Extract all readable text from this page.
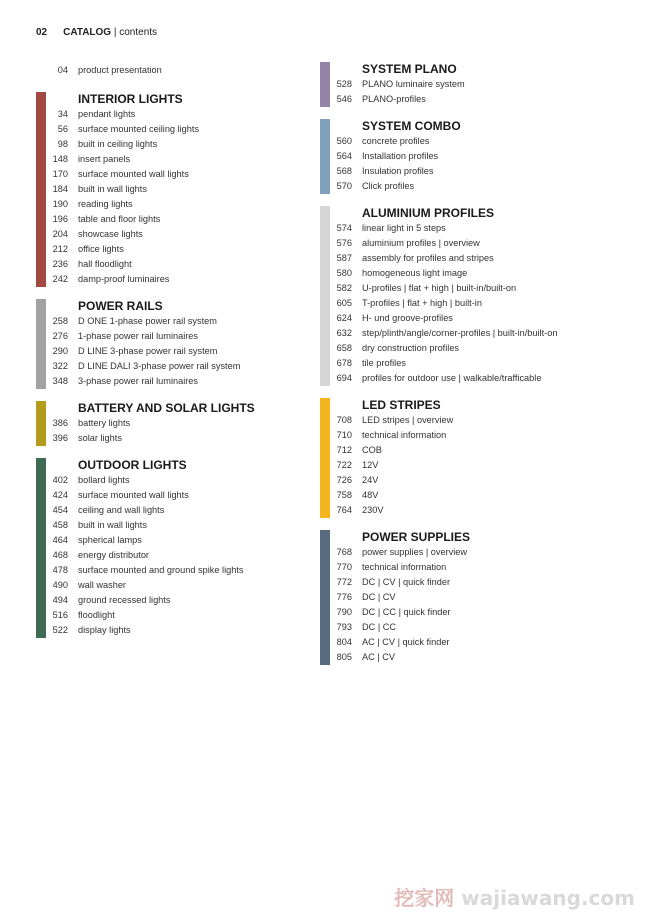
02 CATALOG | contents
04 product presentation
INTERIOR LIGHTS
34 pendant lights
56 surface mounted ceiling lights
98 built in ceiling lights
148 insert panels
170 surface mounted wall lights
184 built in wall lights
190 reading lights
196 table and floor lights
204 showcase lights
212 office lights
236 hall floodlight
242 damp-proof luminaires
POWER RAILS
258 D ONE 1-phase power rail system
276 1-phase power rail luminaires
290 D LINE 3-phase power rail system
322 D LINE DALI 3-phase power rail system
348 3-phase power rail luminaires
BATTERY AND SOLAR LIGHTS
386 battery lights
396 solar lights
OUTDOOR LIGHTS
402 bollard lights
424 surface mounted wall lights
454 ceiling and wall lights
458 built in wall lights
464 spherical lamps
468 energy distributor
478 surface mounted and ground spike lights
490 wall washer
494 ground recessed lights
516 floodlight
522 display lights
SYSTEM PLANO
528 PLANO luminaire system
546 PLANO-profiles
SYSTEM COMBO
560 concrete profiles
564 Installation profiles
568 Insulation profiles
570 Click profiles
ALUMINIUM PROFILES
574 linear light in 5 steps
576 aluminium profiles | overview
587 assembly for profiles and stripes
580 homogeneous light image
582 U-profiles | flat + high | built-in/built-on
605 T-profiles | flat + high | built-in
624 H- und groove-profiles
632 step/plinth/angle/corner-profiles | built-in/built-on
658 dry construction profiles
678 tile profiles
694 profiles for outdoor use | walkable/trafficable
LED STRIPES
708 LED stripes | overview
710 technical information
712 COB
722 12V
726 24V
758 48V
764 230V
POWER SUPPLIES
768 power supplies | overview
770 technical information
772 DC | CV | quick finder
776 DC | CV
790 DC | CC | quick finder
793 DC | CC
804 AC | CV | quick finder
805 AC | CV
挖家网 wajiawang.com
